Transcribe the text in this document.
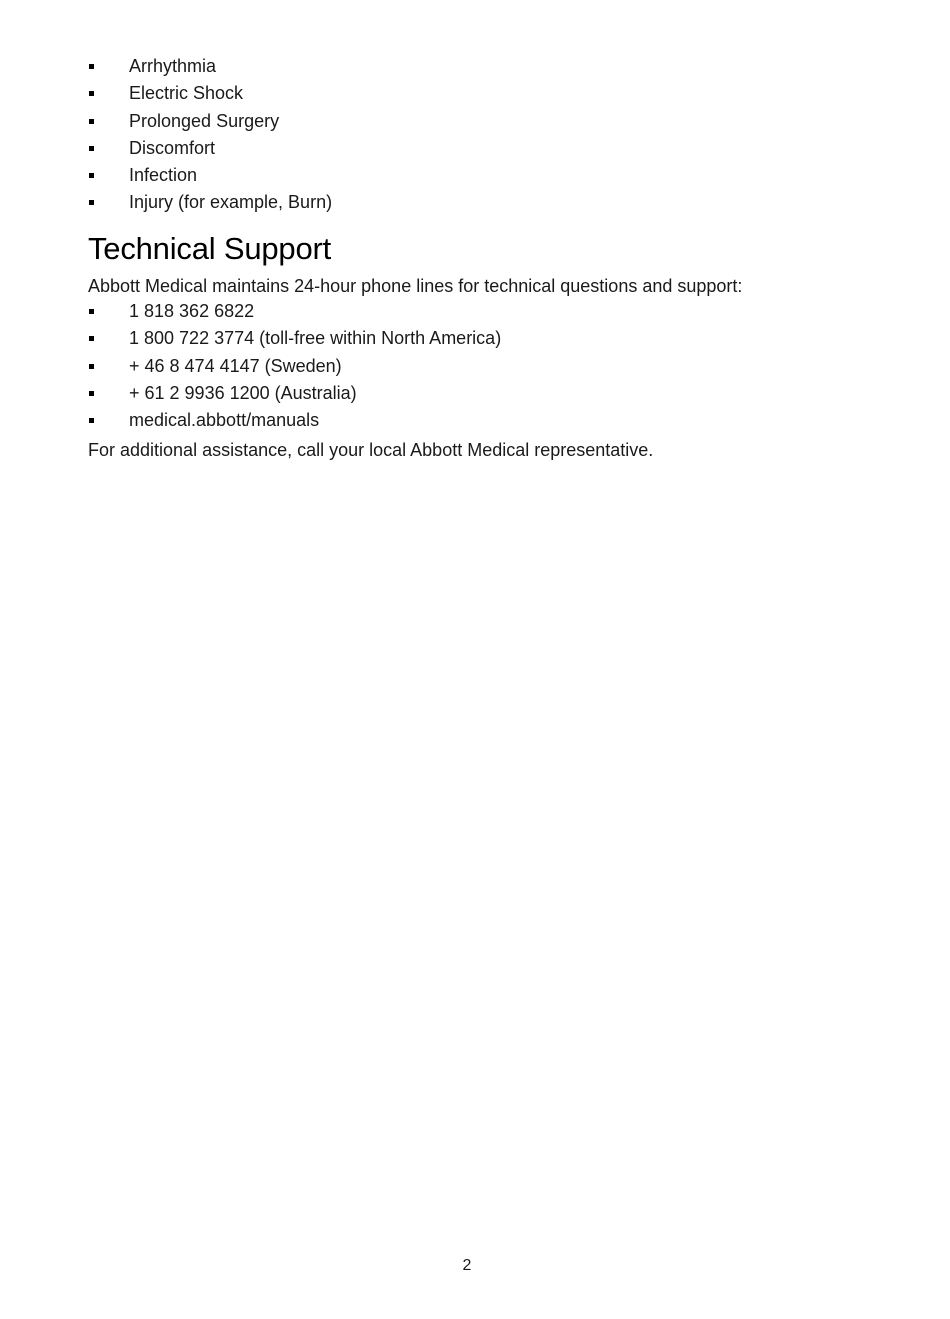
Arrhythmia
Electric Shock
Prolonged Surgery
Discomfort
Infection
Injury (for example, Burn)
Technical Support

Abbott Medical maintains 24-hour phone lines for technical questions and support:

1 818 362 6822
1 800 722 3774 (toll-free within North America)
+ 46 8 474 4147 (Sweden)
+ 61 2 9936 1200 (Australia)
medical.abbott/manuals

For additional assistance, call your local Abbott Medical representative.

2
